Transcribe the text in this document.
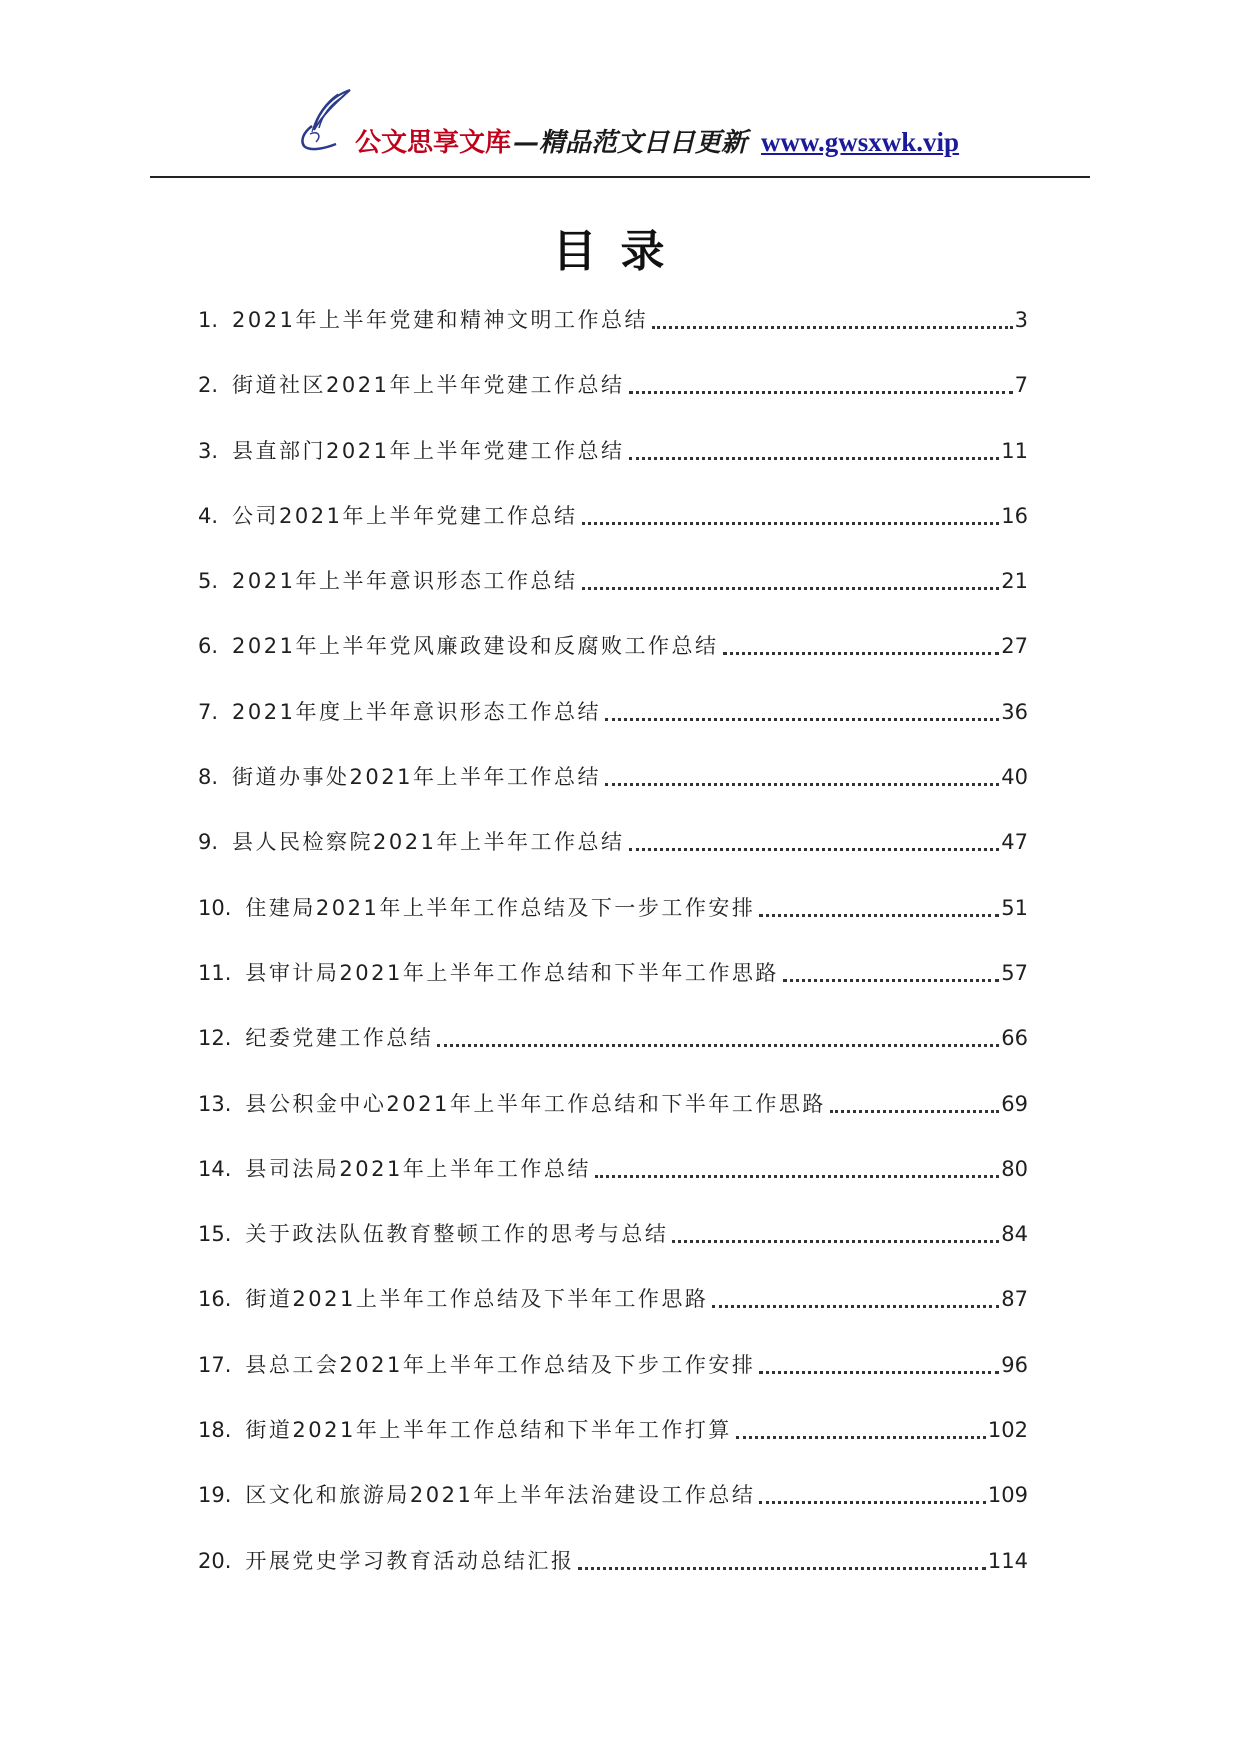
公文思享文库 —精品范文日日更新 www.gwsxwk.vip
目录
1. 2021年上半年党建和精神文明工作总结	3
2. 街道社区2021年上半年党建工作总结	7
3. 县直部门2021年上半年党建工作总结	11
4. 公司2021年上半年党建工作总结	16
5. 2021年上半年意识形态工作总结	21
6. 2021年上半年党风廉政建设和反腐败工作总结	27
7. 2021年度上半年意识形态工作总结	36
8. 街道办事处2021年上半年工作总结	40
9. 县人民检察院2021年上半年工作总结	47
10. 住建局2021年上半年工作总结及下一步工作安排	51
11. 县审计局2021年上半年工作总结和下半年工作思路	57
12. 纪委党建工作总结	66
13. 县公积金中心2021年上半年工作总结和下半年工作思路	69
14. 县司法局2021年上半年工作总结	80
15. 关于政法队伍教育整顿工作的思考与总结	84
16. 街道2021上半年工作总结及下半年工作思路	87
17. 县总工会2021年上半年工作总结及下步工作安排	96
18. 街道2021年上半年工作总结和下半年工作打算	102
19. 区文化和旅游局2021年上半年法治建设工作总结	109
20. 开展党史学习教育活动总结汇报	114
